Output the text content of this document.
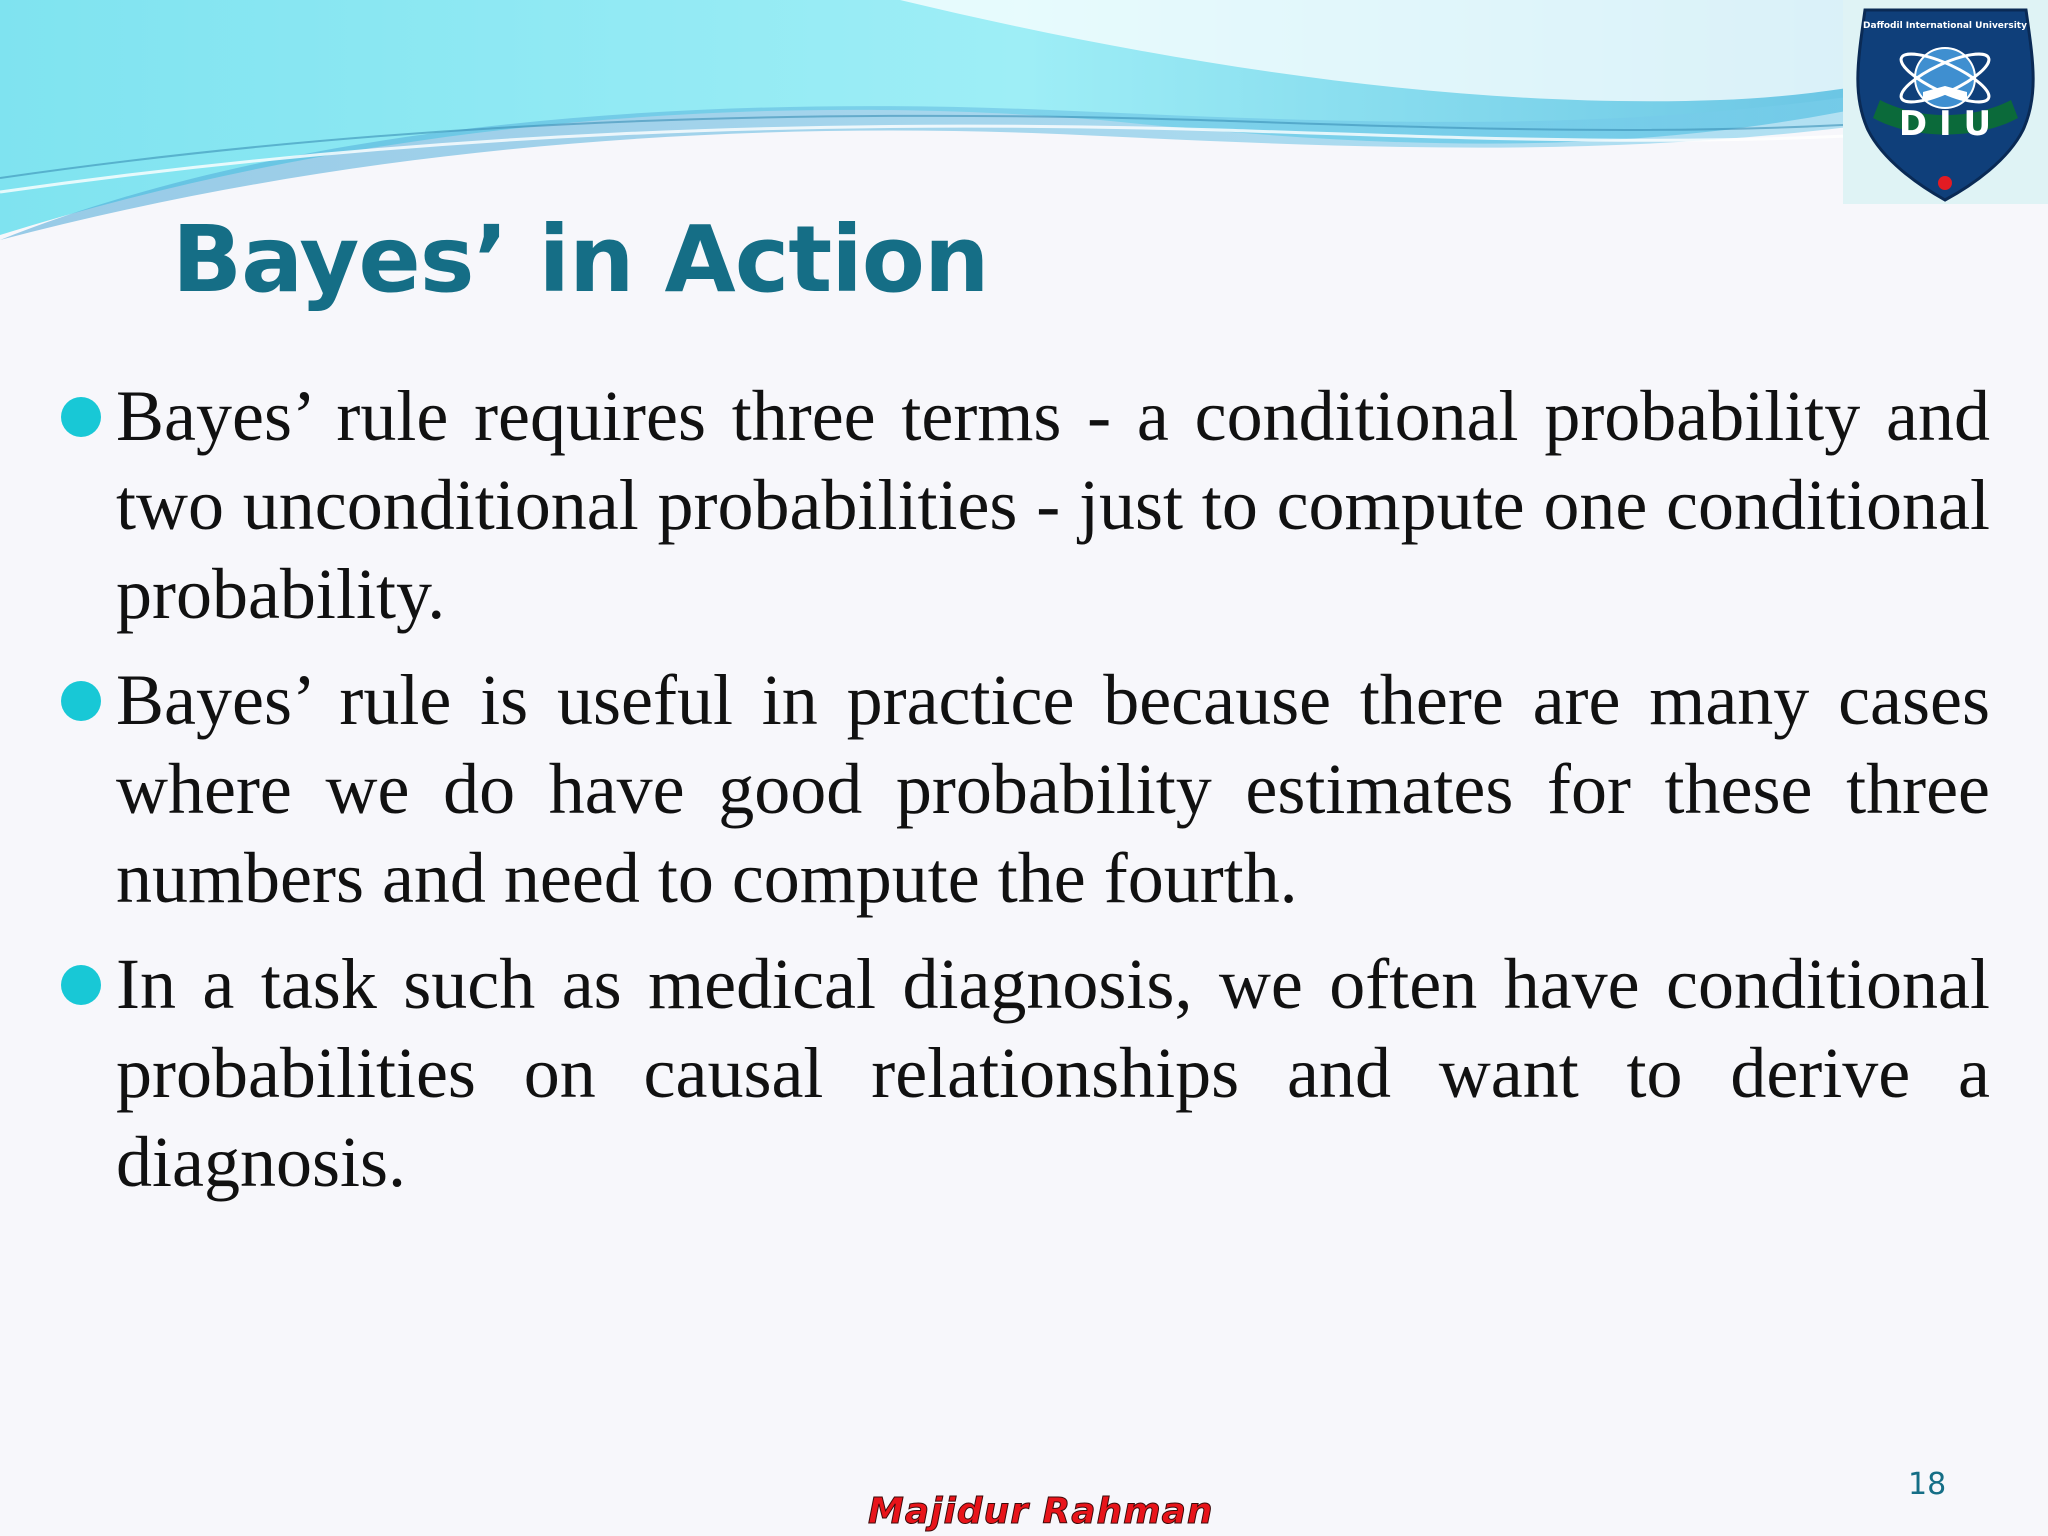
Daffodil International University
D I U
Bayes’ in Action
Bayes’ rule requires three terms - a conditional probability and two unconditional probabilities - just to compute one conditional probability.
Bayes’ rule is useful in practice because there are many cases where we do have good probability estimates for these three numbers and need to compute the fourth.
In a task such as medical diagnosis, we often have conditional probabilities on causal relationships and want to derive a diagnosis.
Majidur Rahman
18
